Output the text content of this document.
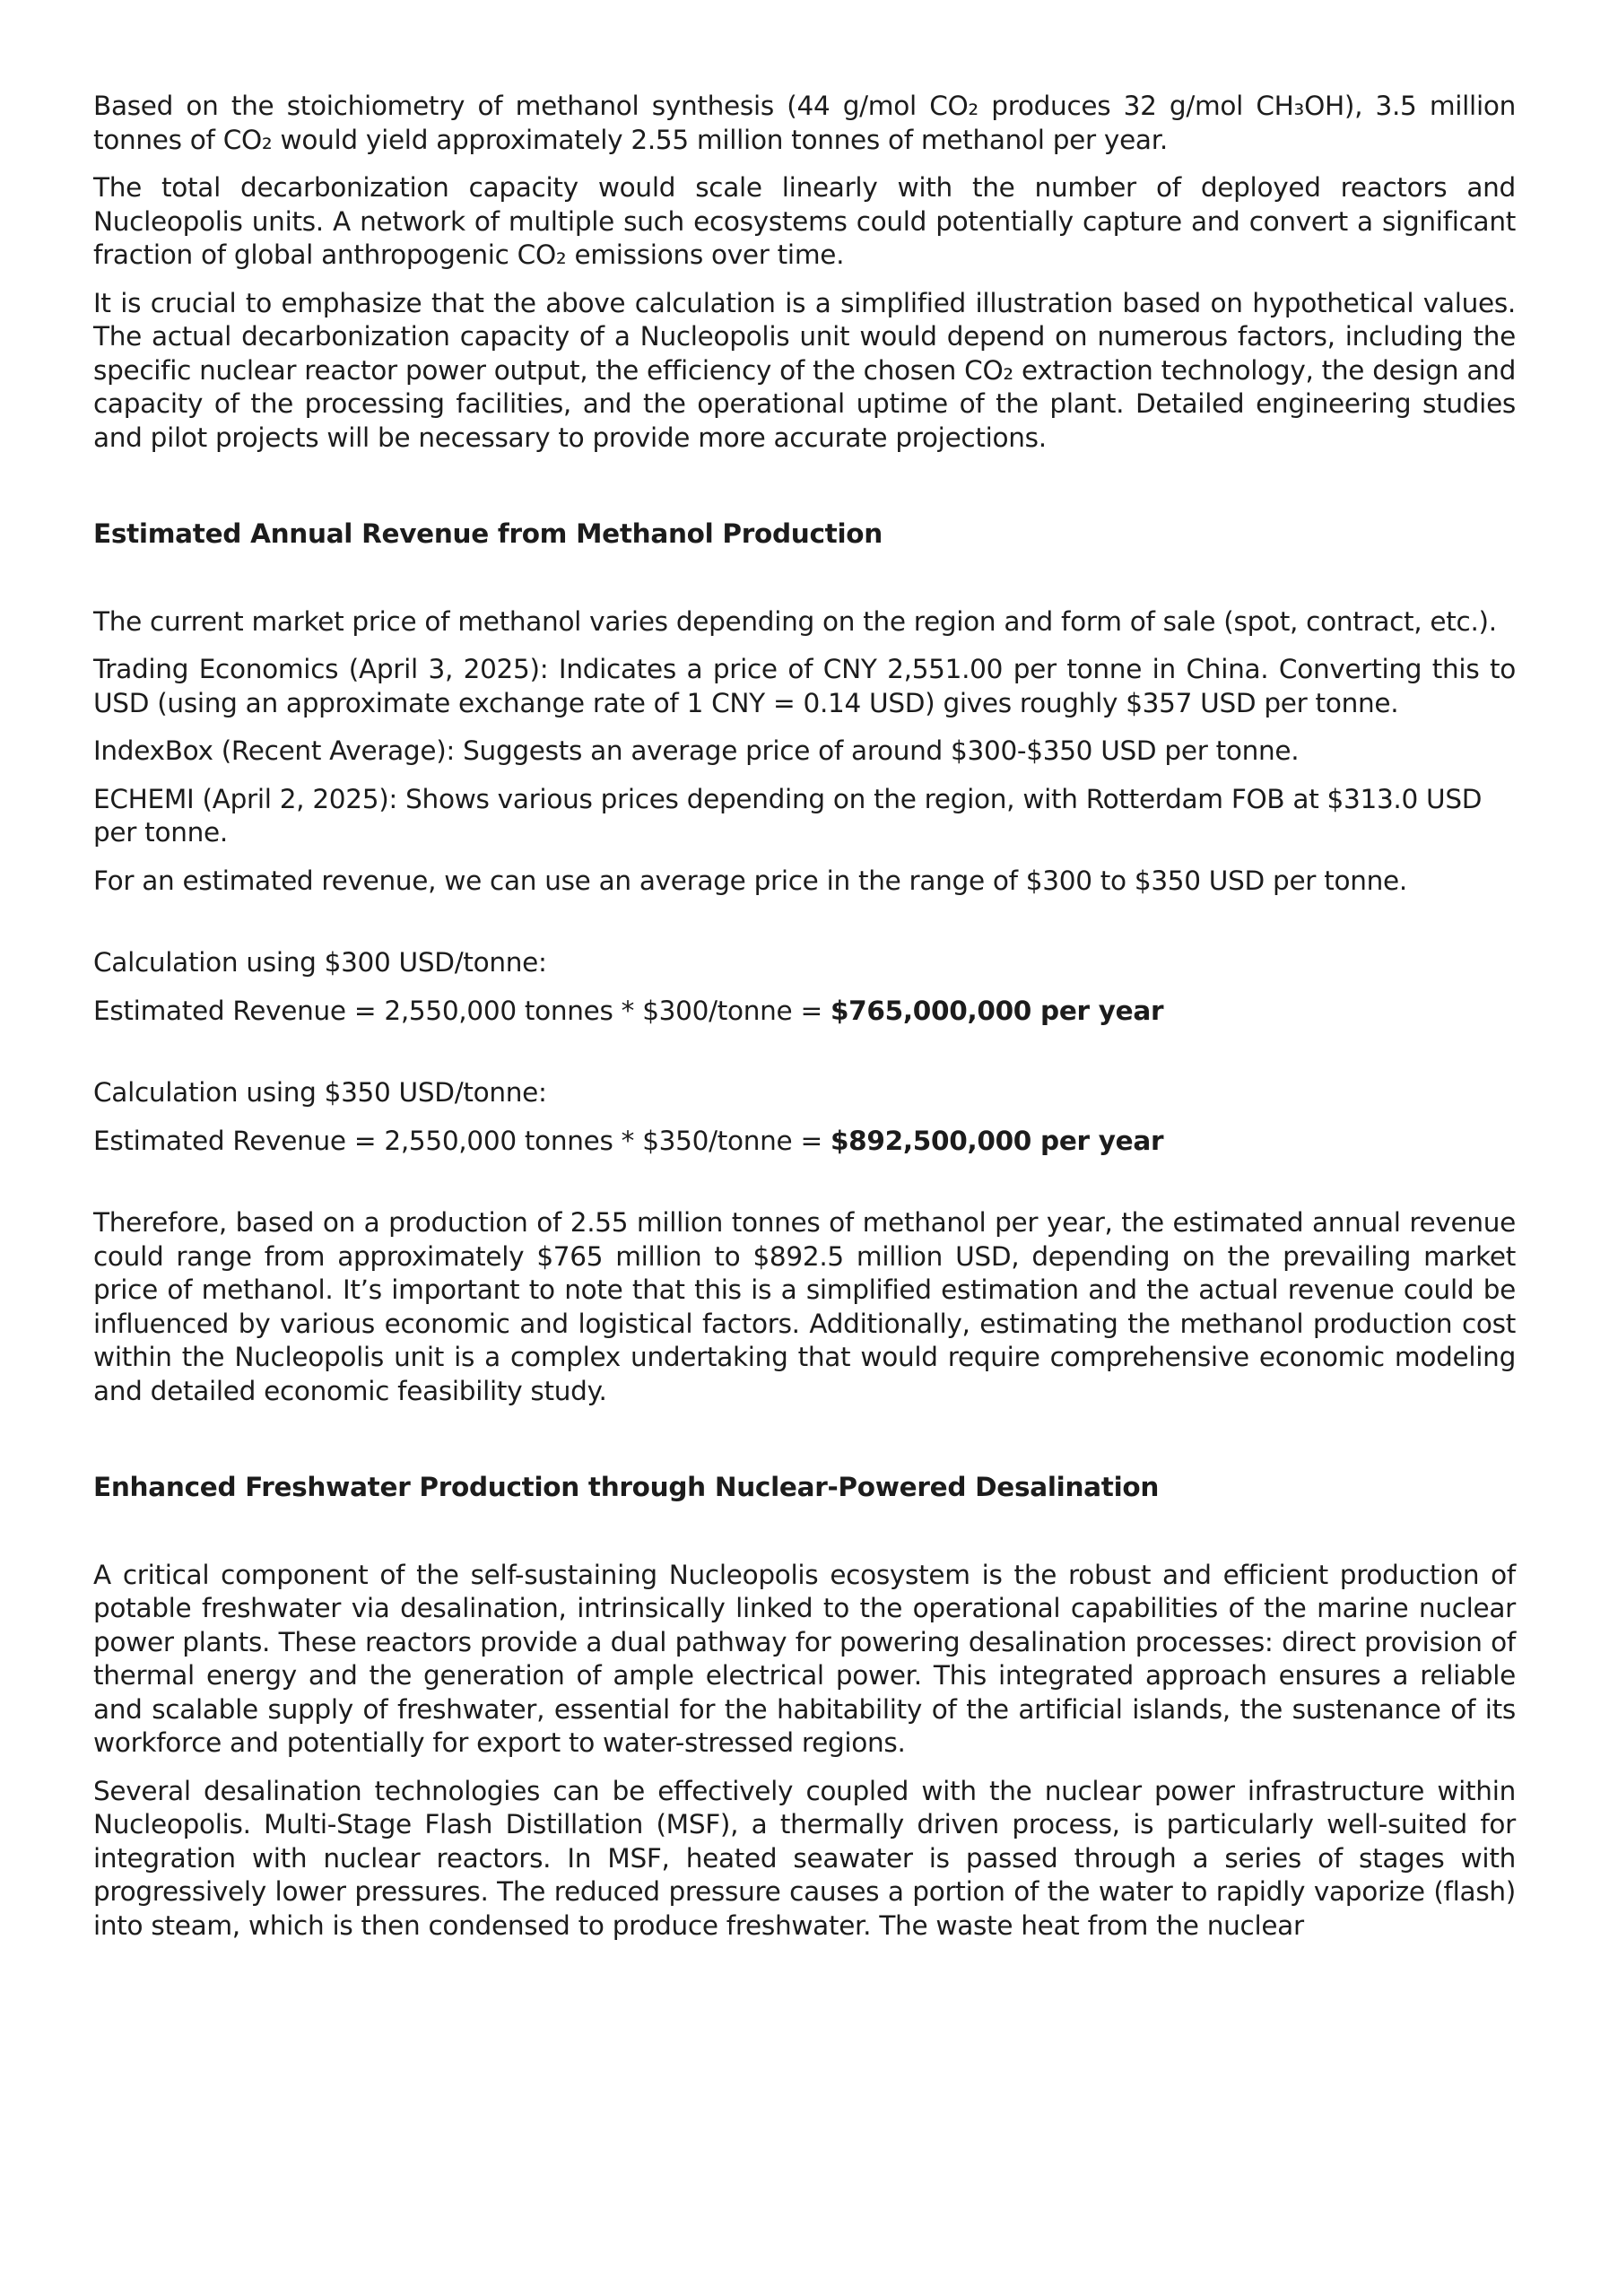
Based on the stoichiometry of methanol synthesis (44 g/mol CO₂ produces 32 g/mol CH₃OH), 3.5 million tonnes of CO₂ would yield approximately 2.55 million tonnes of methanol per year.

The total decarbonization capacity would scale linearly with the number of deployed reactors and Nucleopolis units. A network of multiple such ecosystems could potentially capture and convert a significant fraction of global anthropogenic CO₂ emissions over time.

It is crucial to emphasize that the above calculation is a simplified illustration based on hypothetical values. The actual decarbonization capacity of a Nucleopolis unit would depend on numerous factors, including the specific nuclear reactor power output, the efficiency of the chosen CO₂ extraction technology, the design and capacity of the processing facilities, and the operational uptime of the plant. Detailed engineering studies and pilot projects will be necessary to provide more accurate projections.

Estimated Annual Revenue from Methanol Production

The current market price of methanol varies depending on the region and form of sale (spot, contract, etc.).

Trading Economics (April 3, 2025): Indicates a price of CNY 2,551.00 per tonne in China. Converting this to USD (using an approximate exchange rate of 1 CNY = 0.14 USD) gives roughly $357 USD per tonne.

IndexBox (Recent Average): Suggests an average price of around $300-$350 USD per tonne.

ECHEMI (April 2, 2025): Shows various prices depending on the region, with Rotterdam FOB at $313.0 USD per tonne.

For an estimated revenue, we can use an average price in the range of $300 to $350 USD per tonne.

Calculation using $300 USD/tonne:

Estimated Revenue = 2,550,000 tonnes * $300/tonne = $765,000,000 per year

Calculation using $350 USD/tonne:

Estimated Revenue = 2,550,000 tonnes * $350/tonne = $892,500,000 per year

Therefore, based on a production of 2.55 million tonnes of methanol per year, the estimated annual revenue could range from approximately $765 million to $892.5 million USD, depending on the prevailing market price of methanol. It’s important to note that this is a simplified estimation and the actual revenue could be influenced by various economic and logistical factors. Additionally, estimating the methanol production cost within the Nucleopolis unit is a complex undertaking that would require comprehensive economic modeling and detailed economic feasibility study.

Enhanced Freshwater Production through Nuclear-Powered Desalination

A critical component of the self-sustaining Nucleopolis ecosystem is the robust and efficient production of potable freshwater via desalination, intrinsically linked to the operational capabilities of the marine nuclear power plants. These reactors provide a dual pathway for powering desalination processes: direct provision of thermal energy and the generation of ample electrical power. This integrated approach ensures a reliable and scalable supply of freshwater, essential for the habitability of the artificial islands, the sustenance of its workforce and potentially for export to water-stressed regions.

Several desalination technologies can be effectively coupled with the nuclear power infrastructure within Nucleopolis. Multi-Stage Flash Distillation (MSF), a thermally driven process, is particularly well-suited for integration with nuclear reactors. In MSF, heated seawater is passed through a series of stages with progressively lower pressures. The reduced pressure causes a portion of the water to rapidly vaporize (flash) into steam, which is then condensed to produce freshwater. The waste heat from the nuclear
